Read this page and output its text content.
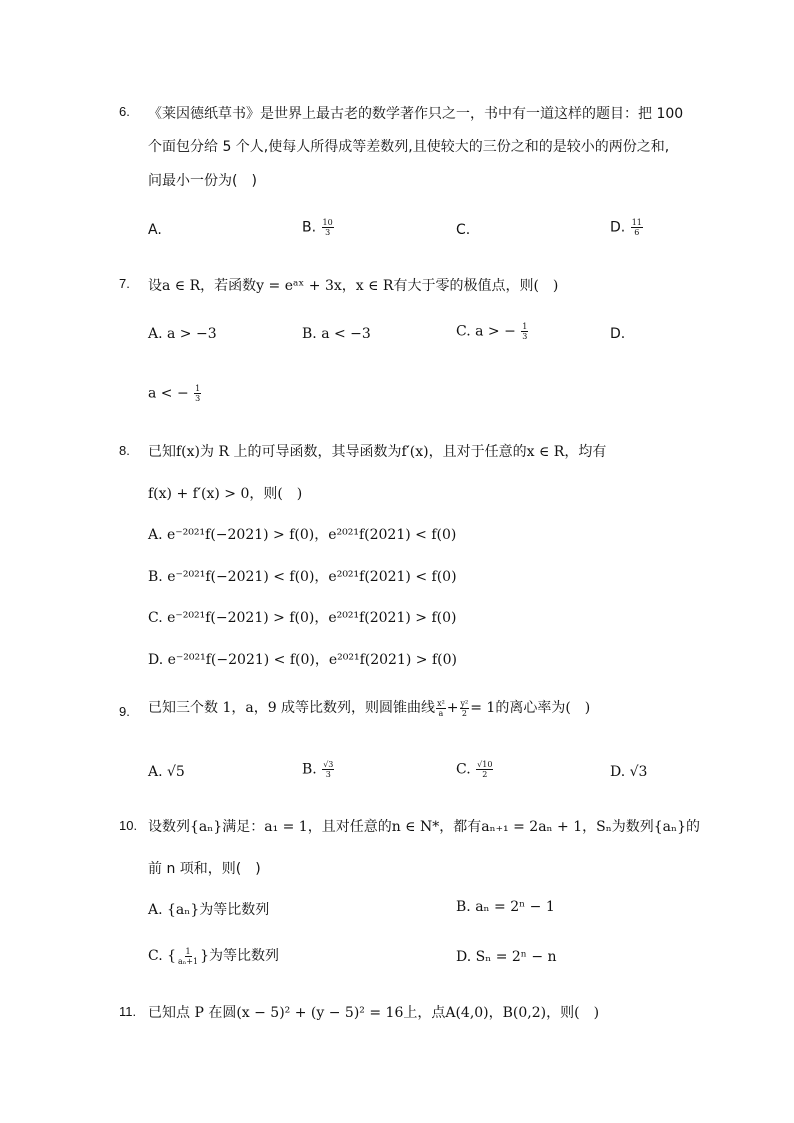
6. 《莱因德纸草书》是世界上最古老的数学著作只之一，书中有一道这样的题目：把 100
个面包分给 5 个人,使每人所得成等差数列,且使较大的三份之和的是较小的两份之和,
问最小一份为(　)
A.	B. $\frac{10}{3}$	C.	D. $\frac{11}{6}$
7. 设a ∈ R，若函数y = eᵃˣ + 3x，x ∈ R有大于零的极值点，则(　)
A. a > −3	B. a < −3	C. a > − $\frac{1}{3}$	D.
a < − $\frac{1}{3}$
8. 已知f(x)为 R 上的可导函数，其导函数为f′(x)，且对于任意的x ∈ R，均有
f(x) + f′(x) > 0，则(　)
A. e⁻²⁰²¹f(−2021) > f(0)，e²⁰²¹f(2021) < f(0)
B. e⁻²⁰²¹f(−2021) < f(0)，e²⁰²¹f(2021) < f(0)
C. e⁻²⁰²¹f(−2021) > f(0)，e²⁰²¹f(2021) > f(0)
D. e⁻²⁰²¹f(−2021) < f(0)，e²⁰²¹f(2021) > f(0)
9. 已知三个数 1，a，9 成等比数列，则圆锥曲线 $\frac{\text{x²}}{a} + \frac{\text{y²}}{2} = 1$的离心率为(　)
A. √5	B. $\frac{√3}{3}$	C. $\frac{√10}{2}$	D. √3
10. 设数列{aₙ}满足：a₁ = 1，且对任意的n ∈ N*，都有aₙ₊₁ = 2aₙ + 1，Sₙ为数列{aₙ}的
前 n 项和，则(　)
A. {aₙ}为等比数列	B. aₙ = 2ⁿ − 1
C. { $\frac{1}{\text{aₙ+1}}$ }为等比数列	D. Sₙ = 2ⁿ − n
11. 已知点 P 在圆(x − 5)² + (y − 5)² = 16上，点A(4,0)，B(0,2)，则(　)
